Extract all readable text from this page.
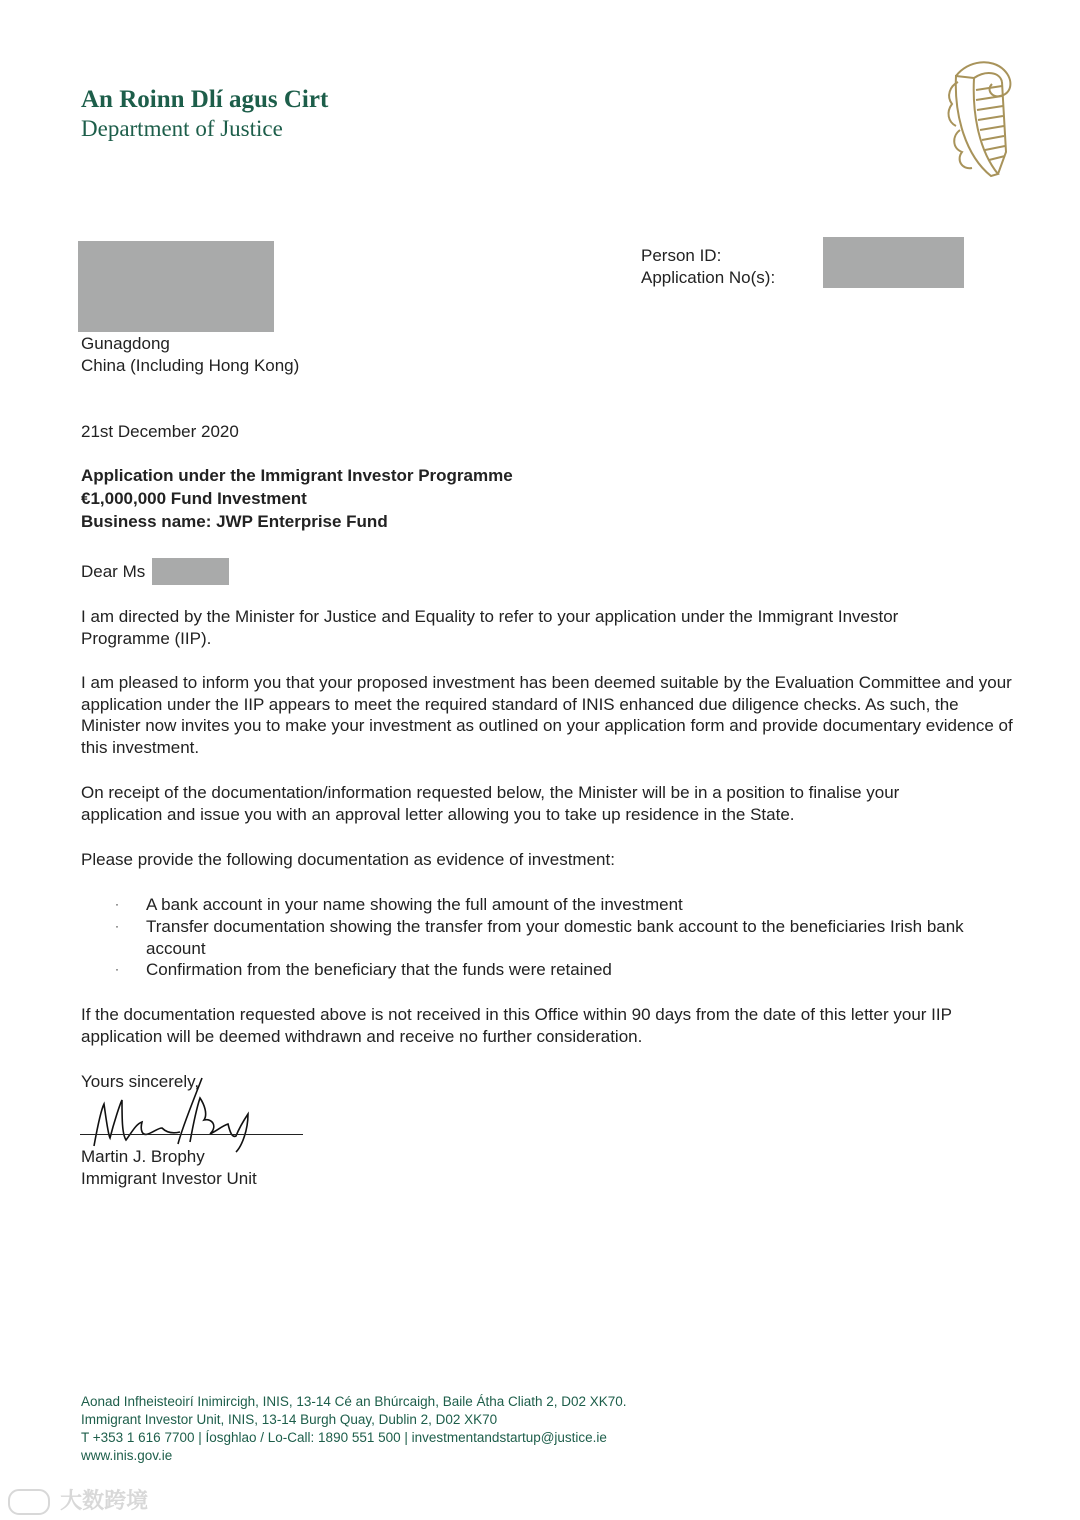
An Roinn Dlí agus Cirt
Department of Justice
Person ID:
Application No(s):
Gunagdong
China (Including Hong Kong)
21st December 2020
Application under the Immigrant Investor Programme
€1,000,000 Fund Investment
Business name: JWP Enterprise Fund
Dear Ms
I am directed by the Minister for Justice and Equality to refer to your application under the Immigrant Investor Programme (IIP).
I am pleased to inform you that your proposed investment has been deemed suitable by the Evaluation Committee and your application under the IIP appears to meet the required standard of INIS enhanced due diligence checks. As such, the Minister now invites you to make your investment as outlined on your application form and provide documentary evidence of this investment.
On receipt of the documentation/information requested below, the Minister will be in a position to finalise your application and issue you with an approval letter allowing you to take up residence in the State.
Please provide the following documentation as evidence of investment:
·	A bank account in your name showing the full amount of the investment
·	Transfer documentation showing the transfer from your domestic bank account to the beneficiaries Irish bank account
·	Confirmation from the beneficiary that the funds were retained
If the documentation requested above is not received in this Office within 90 days from the date of this letter your IIP application will be deemed withdrawn and receive no further consideration.
Yours sincerely,
Martin J. Brophy
Immigrant Investor Unit
Aonad Infheisteoirí Inimircigh, INIS, 13-14 Cé an Bhúrcaigh, Baile Átha Cliath 2, D02 XK70.
Immigrant Investor Unit, INIS, 13-14 Burgh Quay, Dublin 2, D02 XK70
T +353 1 616 7700 | Íosghlao / Lo-Call: 1890 551 500 | investmentandstartup@justice.ie
www.inis.gov.ie
大数跨境
